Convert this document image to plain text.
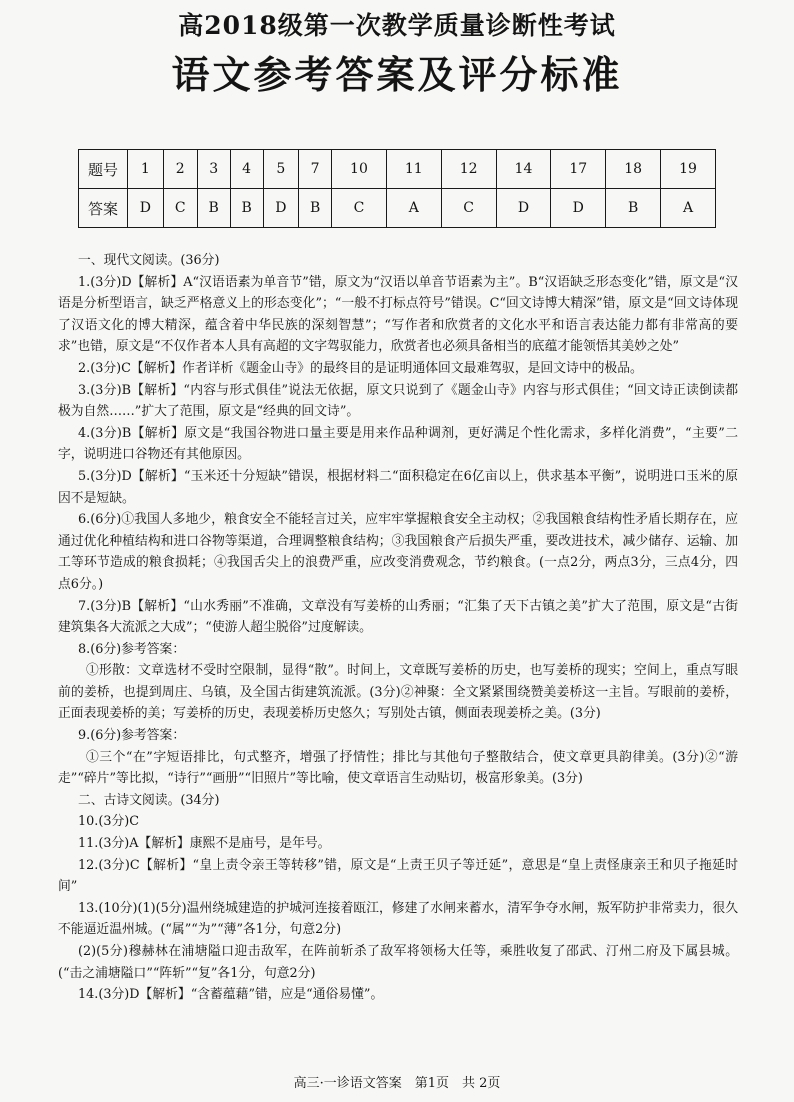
高2018级第一次教学质量诊断性考试
语文参考答案及评分标准
题号	1	2	3	4	5	7	10	11	12	14	17	18	19
答案	D	C	B	B	D	B	C	A	C	D	D	B	A

一、现代文阅读。(36分)

1.(3分)D【解析】A“汉语语素为单音节”错，原文为“汉语以单音节语素为主”。B“汉语缺乏形态变化”错，原文是“汉语是分析型语言，缺乏严格意义上的形态变化”；“一般不打标点符号”错误。C“回文诗博大精深”错，原文是“回文诗体现了汉语文化的博大精深，蕴含着中华民族的深刻智慧”；“写作者和欣赏者的文化水平和语言表达能力都有非常高的要求”也错，原文是“不仅作者本人具有高超的文字驾驭能力，欣赏者也必须具备相当的底蕴才能领悟其美妙之处”

2.(3分)C【解析】作者详析《题金山寺》的最终目的是证明通体回文最难驾驭，是回文诗中的极品。

3.(3分)B【解析】“内容与形式俱佳”说法无依据，原文只说到了《题金山寺》内容与形式俱佳；“回文诗正读倒读都极为自然……”扩大了范围，原文是“经典的回文诗”。

4.(3分)B【解析】原文是“我国谷物进口量主要是用来作品种调剂，更好满足个性化需求，多样化消费”，“主要”二字，说明进口谷物还有其他原因。

5.(3分)D【解析】“玉米还十分短缺”错误，根据材料二“面积稳定在6亿亩以上，供求基本平衡”，说明进口玉米的原因不是短缺。

6.(6分)①我国人多地少，粮食安全不能轻言过关，应牢牢掌握粮食安全主动权；②我国粮食结构性矛盾长期存在，应通过优化种植结构和进口谷物等渠道，合理调整粮食结构；③我国粮食产后损失严重，要改进技术，减少储存、运输、加工等环节造成的粮食损耗；④我国舌尖上的浪费严重，应改变消费观念，节约粮食。(一点2分，两点3分，三点4分，四点6分。)

7.(3分)B【解析】“山水秀丽”不准确，文章没有写姜桥的山秀丽；“汇集了天下古镇之美”扩大了范围，原文是“古街建筑集各大流派之大成”；“使游人超尘脱俗”过度解读。

8.(6分)参考答案：

①形散：文章选材不受时空限制，显得“散”。时间上，文章既写姜桥的历史，也写姜桥的现实；空间上，重点写眼前的姜桥，也提到周庄、乌镇，及全国古街建筑流派。(3分)②神聚：全文紧紧围绕赞美姜桥这一主旨。写眼前的姜桥，正面表现姜桥的美；写姜桥的历史，表现姜桥历史悠久；写别处古镇，侧面表现姜桥之美。(3分)

9.(6分)参考答案：

①三个“在”字短语排比，句式整齐，增强了抒情性；排比与其他句子整散结合，使文章更具韵律美。(3分)②“游走”“碎片”等比拟，“诗行”“画册”“旧照片”等比喻，使文章语言生动贴切，极富形象美。(3分)

二、古诗文阅读。(34分)

10.(3分)C

11.(3分)A【解析】康熙不是庙号，是年号。

12.(3分)C【解析】“皇上责令亲王等转移”错，原文是“上责王贝子等迁延”，意思是“皇上责怪康亲王和贝子拖延时间”

13.(10分)(1)(5分)温州绕城建造的护城河连接着瓯江，修建了水闸来蓄水，清军争夺水闸，叛军防护非常卖力，很久不能逼近温州城。(“属”“为”“薄”各1分，句意2分)

(2)(5分)穆赫林在浦塘隘口迎击敌军，在阵前斩杀了敌军将领杨大任等，乘胜收复了邵武、汀州二府及下属县城。(“击之浦塘隘口”“阵斩”“复”各1分，句意2分)

14.(3分)D【解析】“含蓄蕴藉”错，应是“通俗易懂”。

高三·一诊语文答案　第1页　共 2页
